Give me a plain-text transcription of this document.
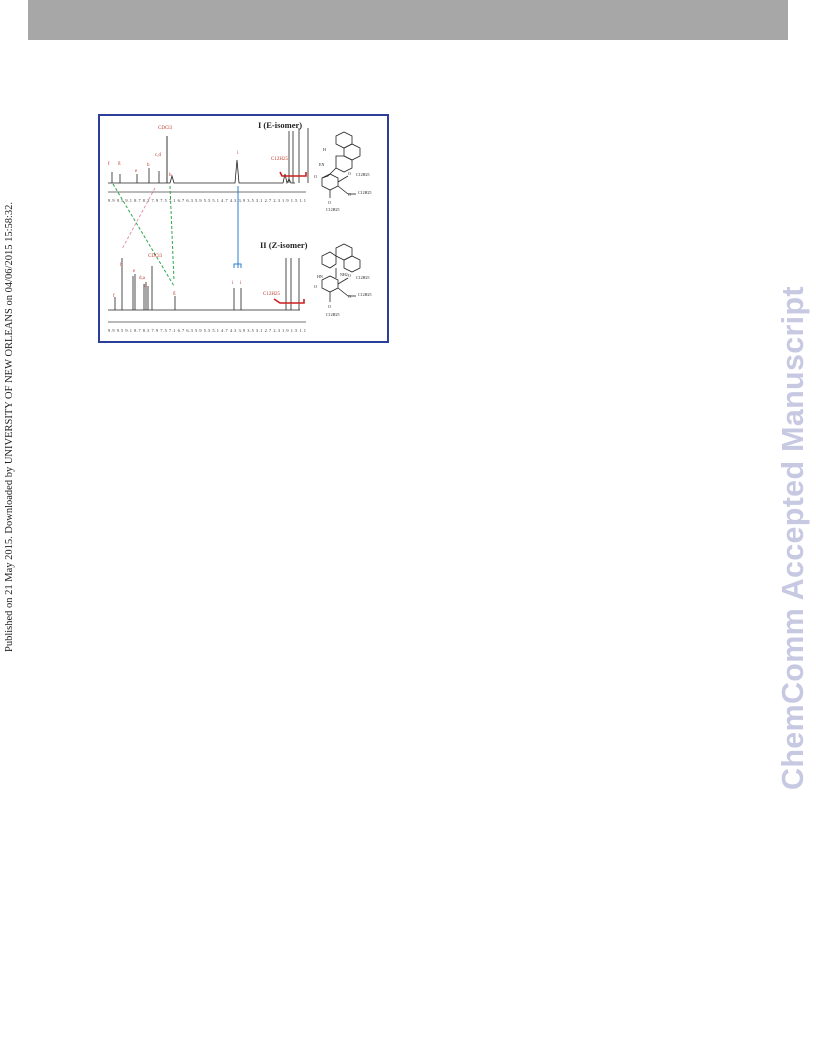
Published on 21 May 2015. Downloaded by UNIVERSITY OF NEW ORLEANS on 04/06/2015 15:58:32.	ChemComm Accepted Manuscript
f g
e
b
c,d
h
i
CDCl3
C12H25
9.9 9.5 9.1 8.7 8.3 7.9 7.5 7.1 6.7 6.3 5.9 5.5 5.1 4.7 4.3 3.9 3.5 3.1 2.7 2.3 1.9 1.5 1.1
I (E-isomer)
f
h
e
d,a
c
g
i i
CDCl3
C12H25
9.9 9.5 9.1 8.7 8.3 7.9 7.5 7.1 6.7 6.3 5.9 5.5 5.1 4.7 4.3 3.9 3.5 3.1 2.7 2.3 1.9 1.5 1.1
II (Z-isomer)
H
EN
O
O C12H25
O C12H25
O
C12H25
NH2
HN
O
O C12H25
O C12H25
O
C12H25
